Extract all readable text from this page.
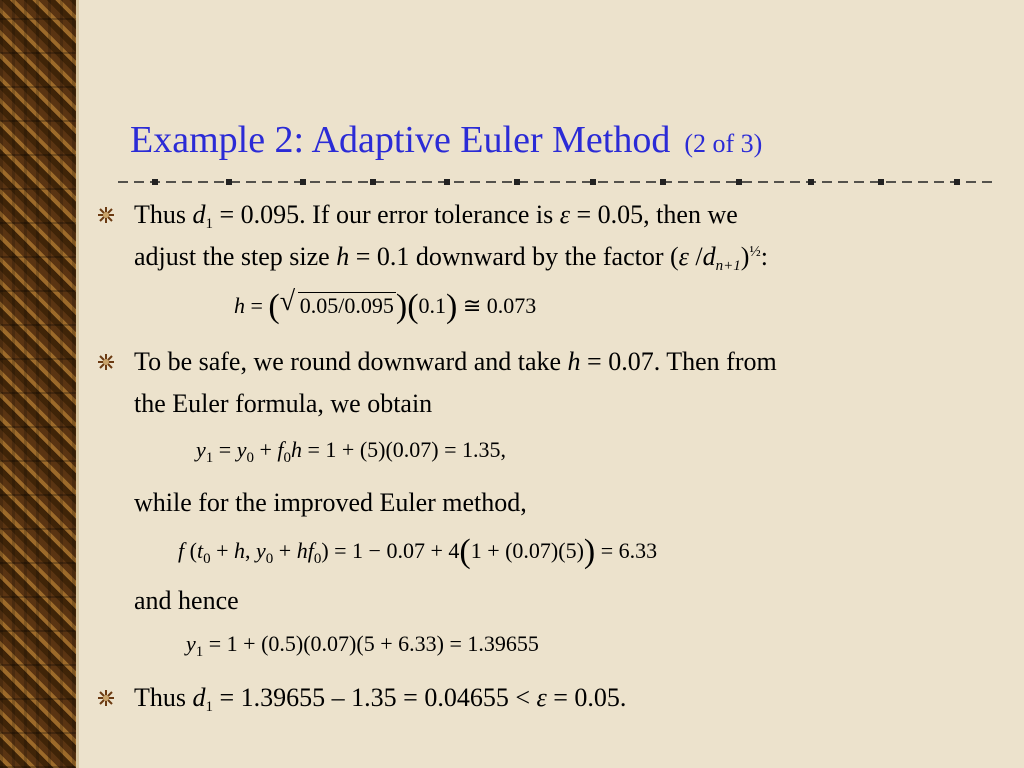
Example 2: Adaptive Euler Method (2 of 3)
Thus $d_1 = 0.095$. If our error tolerance is ε = 0.05, then we
adjust the step size h = 0.1 downward by the factor (ε $/d_{n+1})^{\frac{1}{2}}$:
h = ( √ 0.05/0.095)(0.1) ≅ 0.073
To be safe, we round downward and take h = 0.07. Then from
the Euler formula, we obtain
$y_1 = y_0 + f_0h = 1 + (5)(0.07) = 1.35$,
while for the improved Euler method,
f ($t_0 + h$, $y_0 + hf_0) = 1 - 0.07 + 4(1 + (0.07)(5)) = 6.33$
and hence
$y_1 = 1 + (0.5)(0.07)(5 + 6.33) = 1.39655$
Thus $d_1 = 1.39655 - 1.35 = 0.04655 < \varepsilon = 0.05$.
